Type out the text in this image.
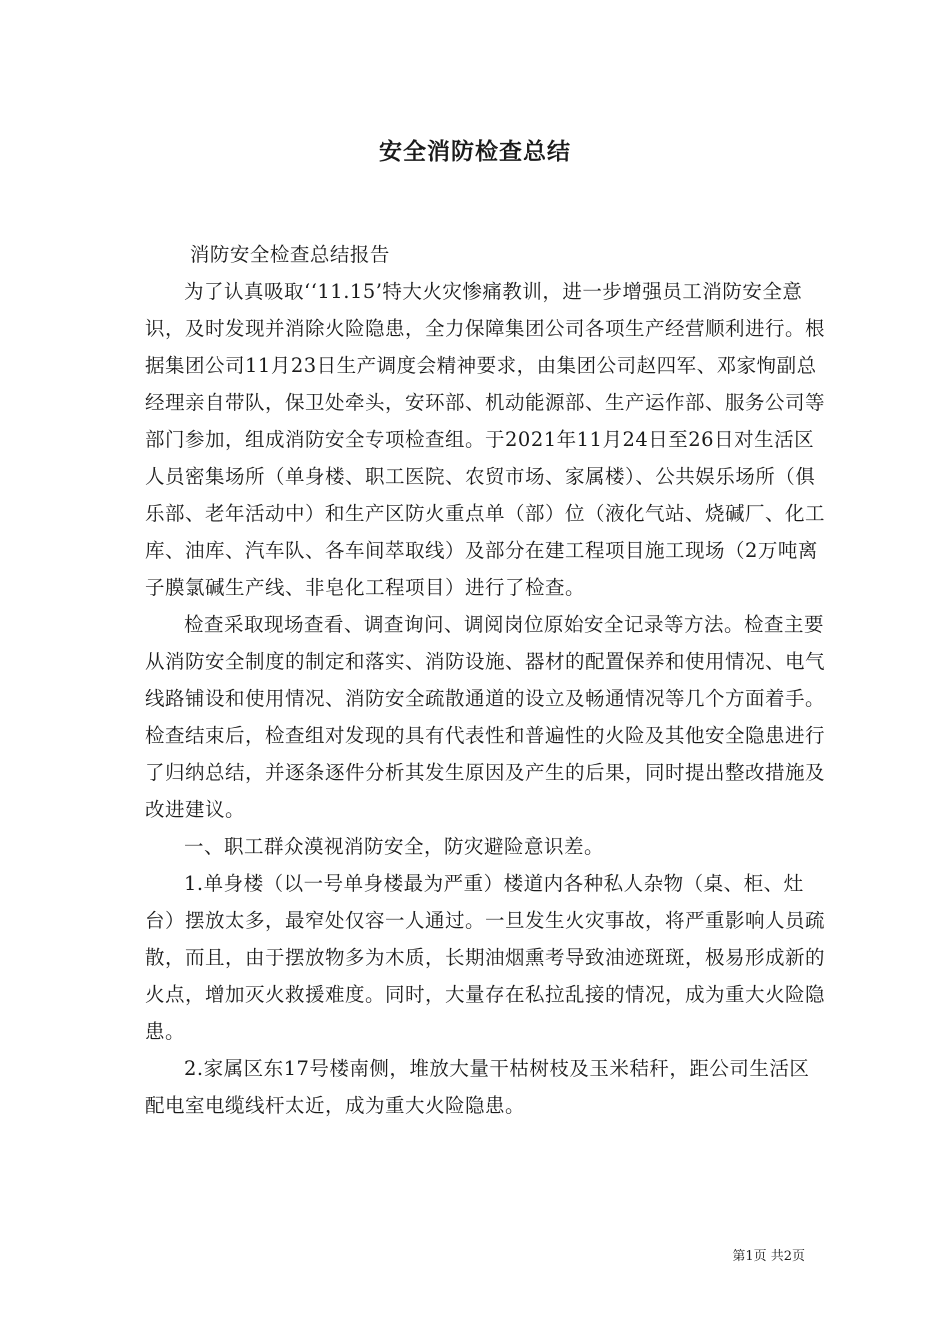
安全消防检查总结

消防安全检查总结报告

为了认真吸取‘‘11.15’特大火灾惨痛教训，进一步增强员工消防安全意识，及时发现并消除火险隐患，全力保障集团公司各项生产经营顺利进行。根据集团公司11月23日生产调度会精神要求，由集团公司赵四军、邓家恂副总经理亲自带队，保卫处牵头，安环部、机动能源部、生产运作部、服务公司等部门参加，组成消防安全专项检查组。于2021年11月24日至26日对生活区人员密集场所（单身楼、职工医院、农贸市场、家属楼）、公共娱乐场所（俱乐部、老年活动中）和生产区防火重点单（部）位（液化气站、烧碱厂、化工库、油库、汽车队、各车间萃取线）及部分在建工程项目施工现场（2万吨离子膜氯碱生产线、非皂化工程项目）进行了检查。

检查采取现场查看、调查询问、调阅岗位原始安全记录等方法。检查主要从消防安全制度的制定和落实、消防设施、器材的配置保养和使用情况、电气线路铺设和使用情况、消防安全疏散通道的设立及畅通情况等几个方面着手。检查结束后，检查组对发现的具有代表性和普遍性的火险及其他安全隐患进行了归纳总结，并逐条逐件分析其发生原因及产生的后果，同时提出整改措施及改进建议。

一、职工群众漠视消防安全，防灾避险意识差。

1.单身楼（以一号单身楼最为严重）楼道内各种私人杂物（桌、柜、灶台）摆放太多，最窄处仅容一人通过。一旦发生火灾事故，将严重影响人员疏散，而且，由于摆放物多为木质，长期油烟熏考导致油迹斑斑，极易形成新的火点，增加灭火救援难度。同时，大量存在私拉乱接的情况，成为重大火险隐患。

2.家属区东17号楼南侧，堆放大量干枯树枝及玉米秸秆，距公司生活区配电室电缆线杆太近，成为重大火险隐患。

第1页 共2页
